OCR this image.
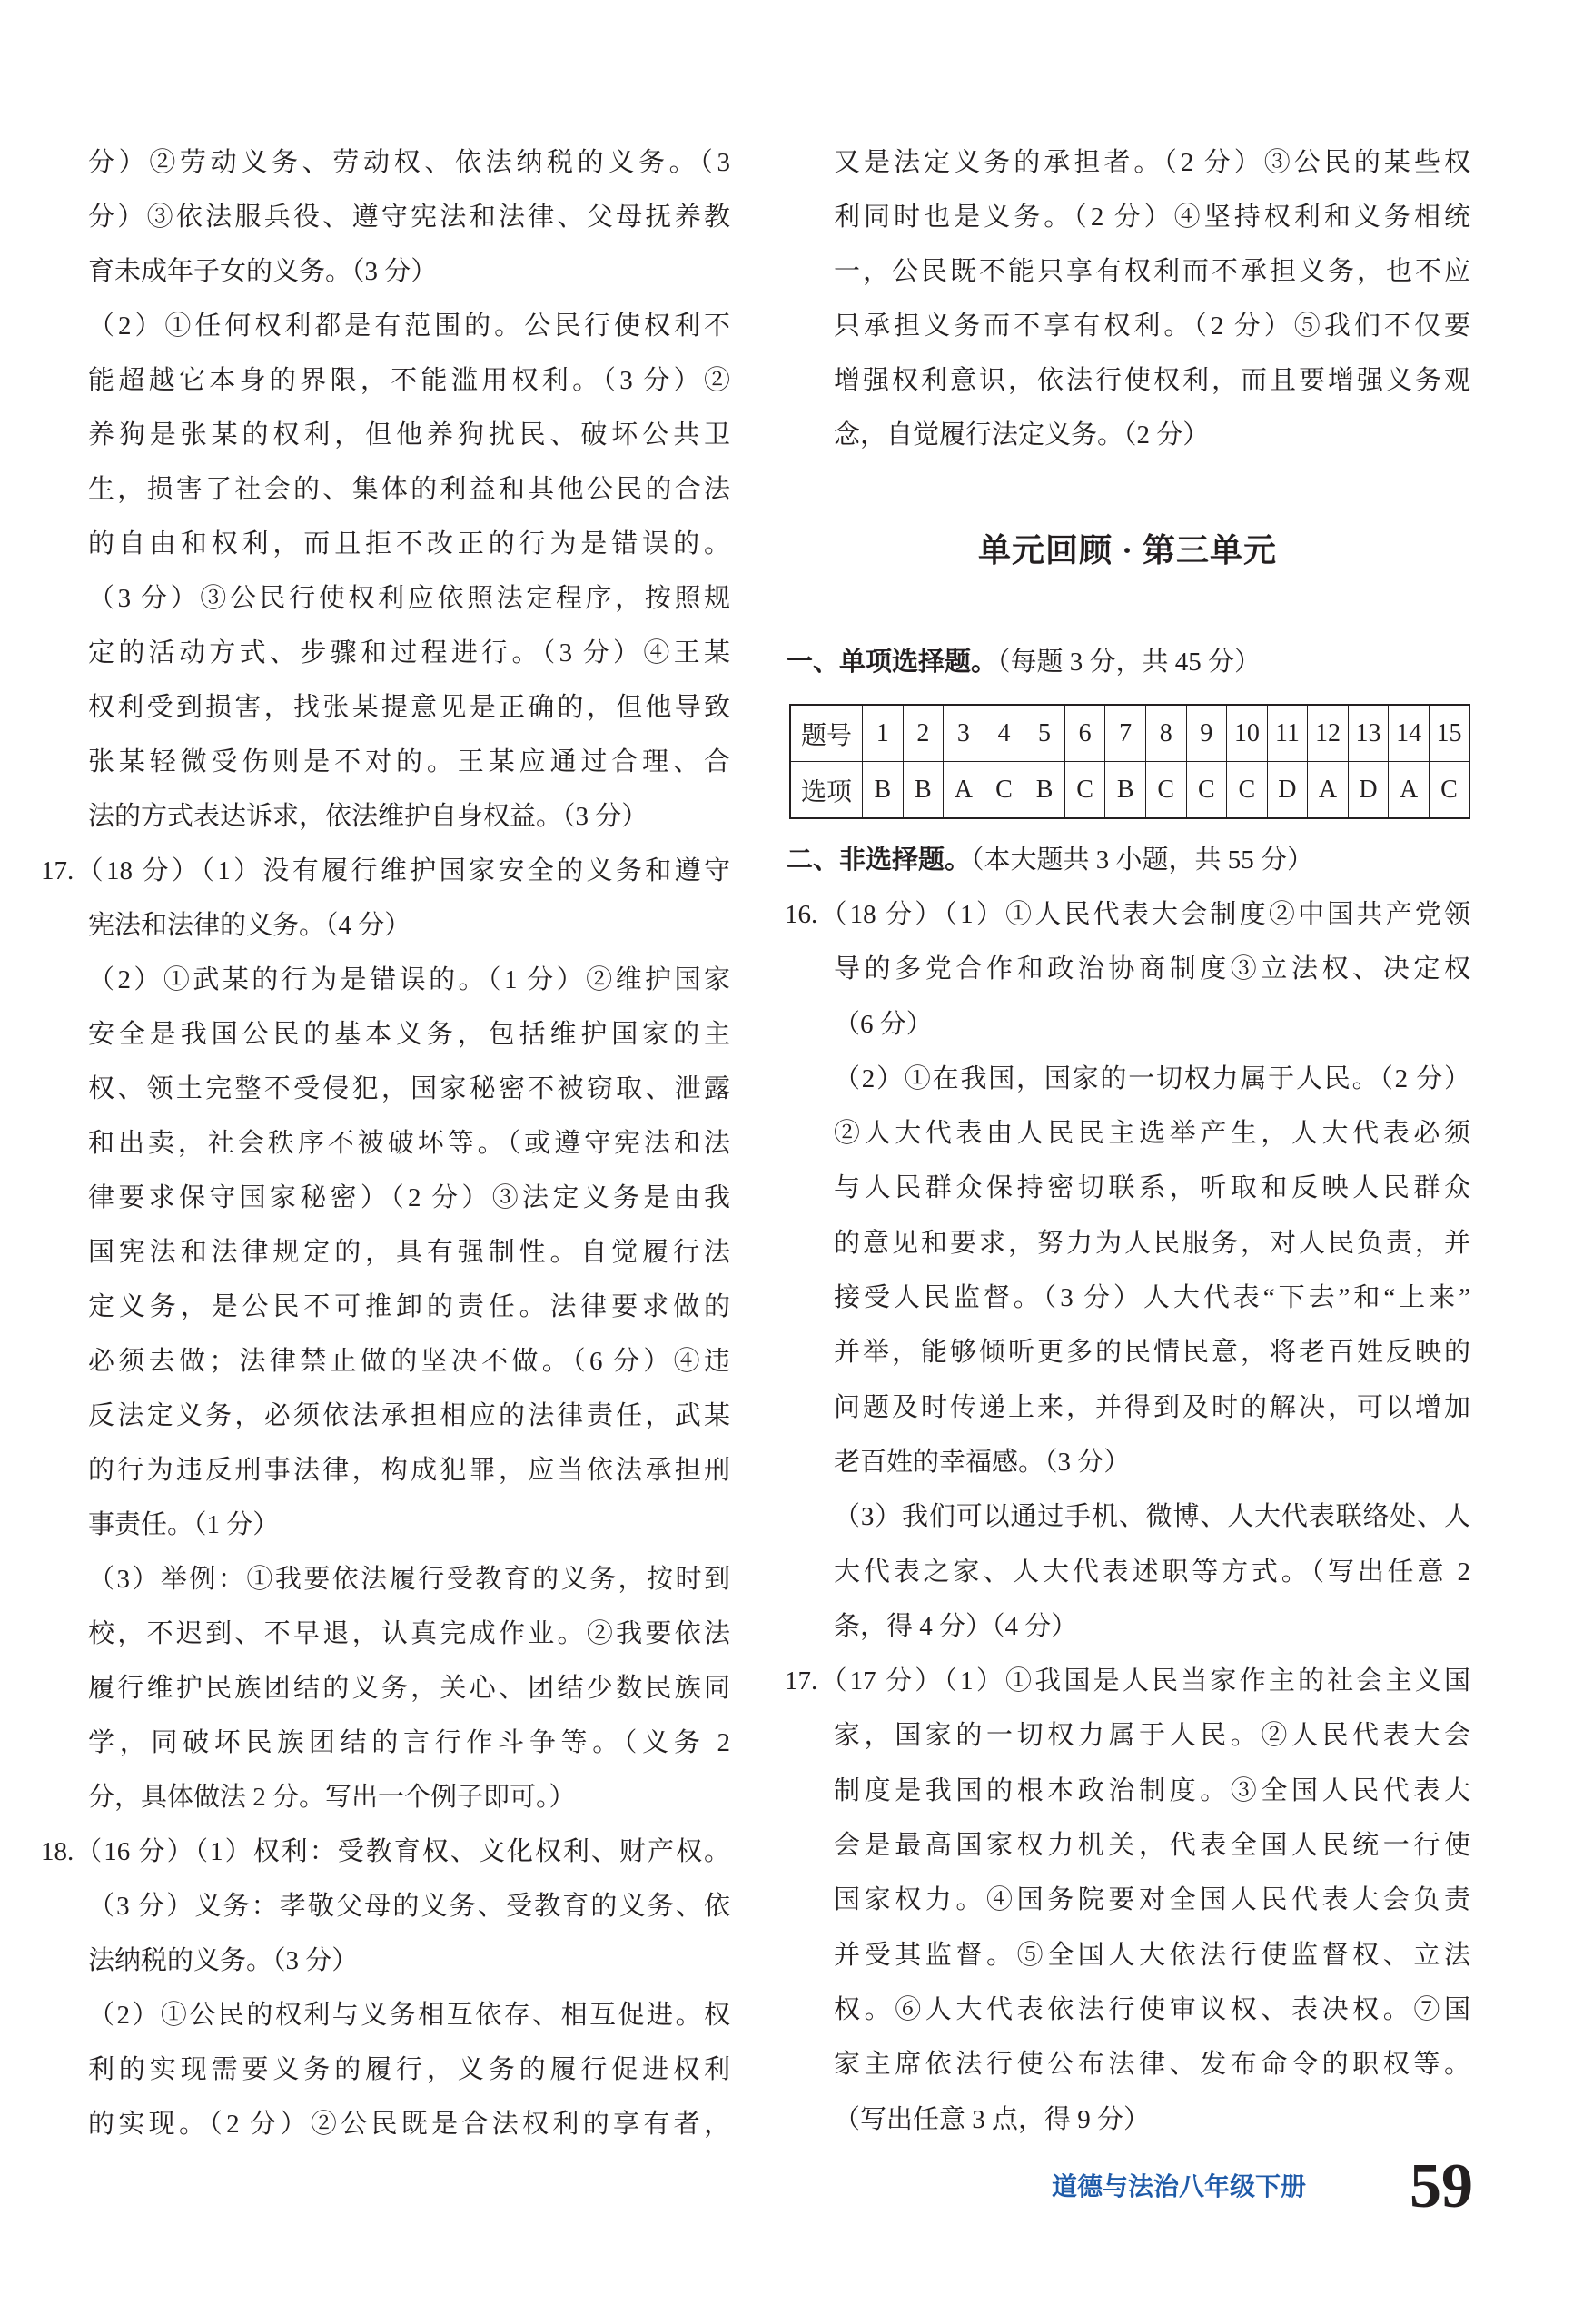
分）②劳动义务、劳动权、依法纳税的义务。（3
分）③依法服兵役、遵守宪法和法律、父母抚养教
育未成年子女的义务。（3 分）
（2）①任何权利都是有范围的。公民行使权利不
能超越它本身的界限，不能滥用权利。（3 分）②
养狗是张某的权利，但他养狗扰民、破坏公共卫
生，损害了社会的、集体的利益和其他公民的合法
的自由和权利，而且拒不改正的行为是错误的。
（3 分）③公民行使权利应依照法定程序，按照规
定的活动方式、步骤和过程进行。（3 分）④王某
权利受到损害，找张某提意见是正确的，但他导致
张某轻微受伤则是不对的。王某应通过合理、合
法的方式表达诉求，依法维护自身权益。（3 分）
17.（18 分）（1）没有履行维护国家安全的义务和遵守
宪法和法律的义务。（4 分）
（2）①武某的行为是错误的。（1 分）②维护国家
安全是我国公民的基本义务，包括维护国家的主
权、领土完整不受侵犯，国家秘密不被窃取、泄露
和出卖，社会秩序不被破坏等。（或遵守宪法和法
律要求保守国家秘密）（2 分）③法定义务是由我
国宪法和法律规定的，具有强制性。自觉履行法
定义务，是公民不可推卸的责任。法律要求做的
必须去做；法律禁止做的坚决不做。（6 分）④违
反法定义务，必须依法承担相应的法律责任，武某
的行为违反刑事法律，构成犯罪，应当依法承担刑
事责任。（1 分）
（3）举例：①我要依法履行受教育的义务，按时到
校，不迟到、不早退，认真完成作业。②我要依法
履行维护民族团结的义务，关心、团结少数民族同
学，同破坏民族团结的言行作斗争等。（义务 2
分，具体做法 2 分。写出一个例子即可。）
18.（16 分）（1）权利：受教育权、文化权利、财产权。
（3 分）义务：孝敬父母的义务、受教育的义务、依
法纳税的义务。（3 分）
（2）①公民的权利与义务相互依存、相互促进。权
利的实现需要义务的履行，义务的履行促进权利
的实现。（2 分）②公民既是合法权利的享有者，
又是法定义务的承担者。（2 分）③公民的某些权
利同时也是义务。（2 分）④坚持权利和义务相统
一，公民既不能只享有权利而不承担义务，也不应
只承担义务而不享有权利。（2 分）⑤我们不仅要
增强权利意识，依法行使权利，而且要增强义务观
念，自觉履行法定义务。（2 分）
单元回顾 · 第三单元
一、单项选择题。（每题 3 分，共 45 分）
题号	1	2	3	4	5	6	7	8	9	10	11	12	13	14	15
选项	B	B	A	C	B	C	B	C	C	C	D	A	D	A	C
二、非选择题。（本大题共 3 小题，共 55 分）
16.（18 分）（1）①人民代表大会制度②中国共产党领
导的多党合作和政治协商制度③立法权、决定权
（6 分）
（2）①在我国，国家的一切权力属于人民。（2 分）
②人大代表由人民民主选举产生，人大代表必须
与人民群众保持密切联系，听取和反映人民群众
的意见和要求，努力为人民服务，对人民负责，并
接受人民监督。（3 分）人大代表“下去”和“上来”
并举，能够倾听更多的民情民意，将老百姓反映的
问题及时传递上来，并得到及时的解决，可以增加
老百姓的幸福感。（3 分）
（3）我们可以通过手机、微博、人大代表联络处、人
大代表之家、人大代表述职等方式。（写出任意 2
条，得 4 分）（4 分）
17.（17 分）（1）①我国是人民当家作主的社会主义国
家，国家的一切权力属于人民。②人民代表大会
制度是我国的根本政治制度。③全国人民代表大
会是最高国家权力机关，代表全国人民统一行使
国家权力。④国务院要对全国人民代表大会负责
并受其监督。⑤全国人大依法行使监督权、立法
权。⑥人大代表依法行使审议权、表决权。⑦国
家主席依法行使公布法律、发布命令的职权等。
（写出任意 3 点，得 9 分）
道德与法治八年级下册 59
